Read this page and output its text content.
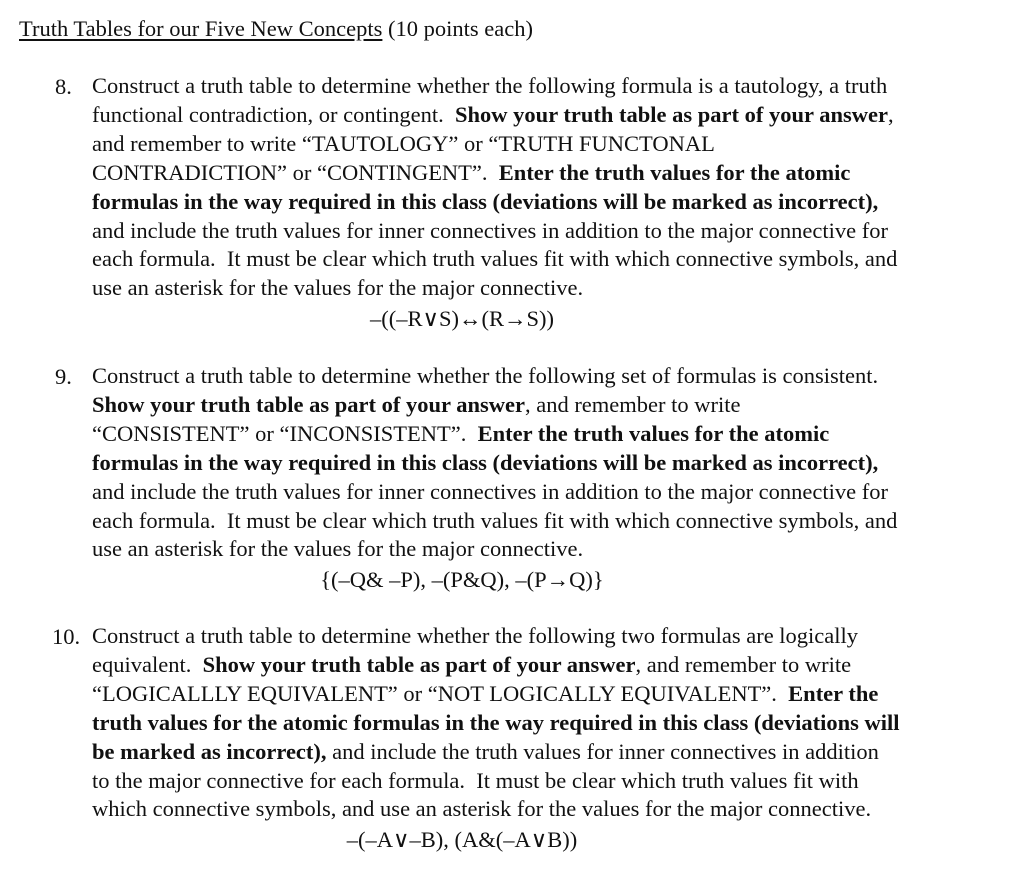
Truth Tables for our Five New Concepts (10 points each)
8. Construct a truth table to determine whether the following formula is a tautology, a truth
functional contradiction, or contingent.  Show your truth table as part of your answer,
and remember to write “TAUTOLOGY” or “TRUTH FUNCTONAL
CONTRADICTION” or “CONTINGENT”.  Enter the truth values for the atomic
formulas in the way required in this class (deviations will be marked as incorrect),
and include the truth values for inner connectives in addition to the major connective for
each formula.  It must be clear which truth values fit with which connective symbols, and
use an asterisk for the values for the major connective.
–((–R∨S)↔(R→S))
9. Construct a truth table to determine whether the following set of formulas is consistent.
Show your truth table as part of your answer, and remember to write
“CONSISTENT” or “INCONSISTENT”.  Enter the truth values for the atomic
formulas in the way required in this class (deviations will be marked as incorrect),
and include the truth values for inner connectives in addition to the major connective for
each formula.  It must be clear which truth values fit with which connective symbols, and
use an asterisk for the values for the major connective.
{(–Q& –P), –(P&Q), –(P→Q)}
10. Construct a truth table to determine whether the following two formulas are logically
equivalent.  Show your truth table as part of your answer, and remember to write
“LOGICALLLY EQUIVALENT” or “NOT LOGICALLY EQUIVALENT”.  Enter the
truth values for the atomic formulas in the way required in this class (deviations will
be marked as incorrect), and include the truth values for inner connectives in addition
to the major connective for each formula.  It must be clear which truth values fit with
which connective symbols, and use an asterisk for the values for the major connective.
–(–A∨–B), (A&(–A∨B))
